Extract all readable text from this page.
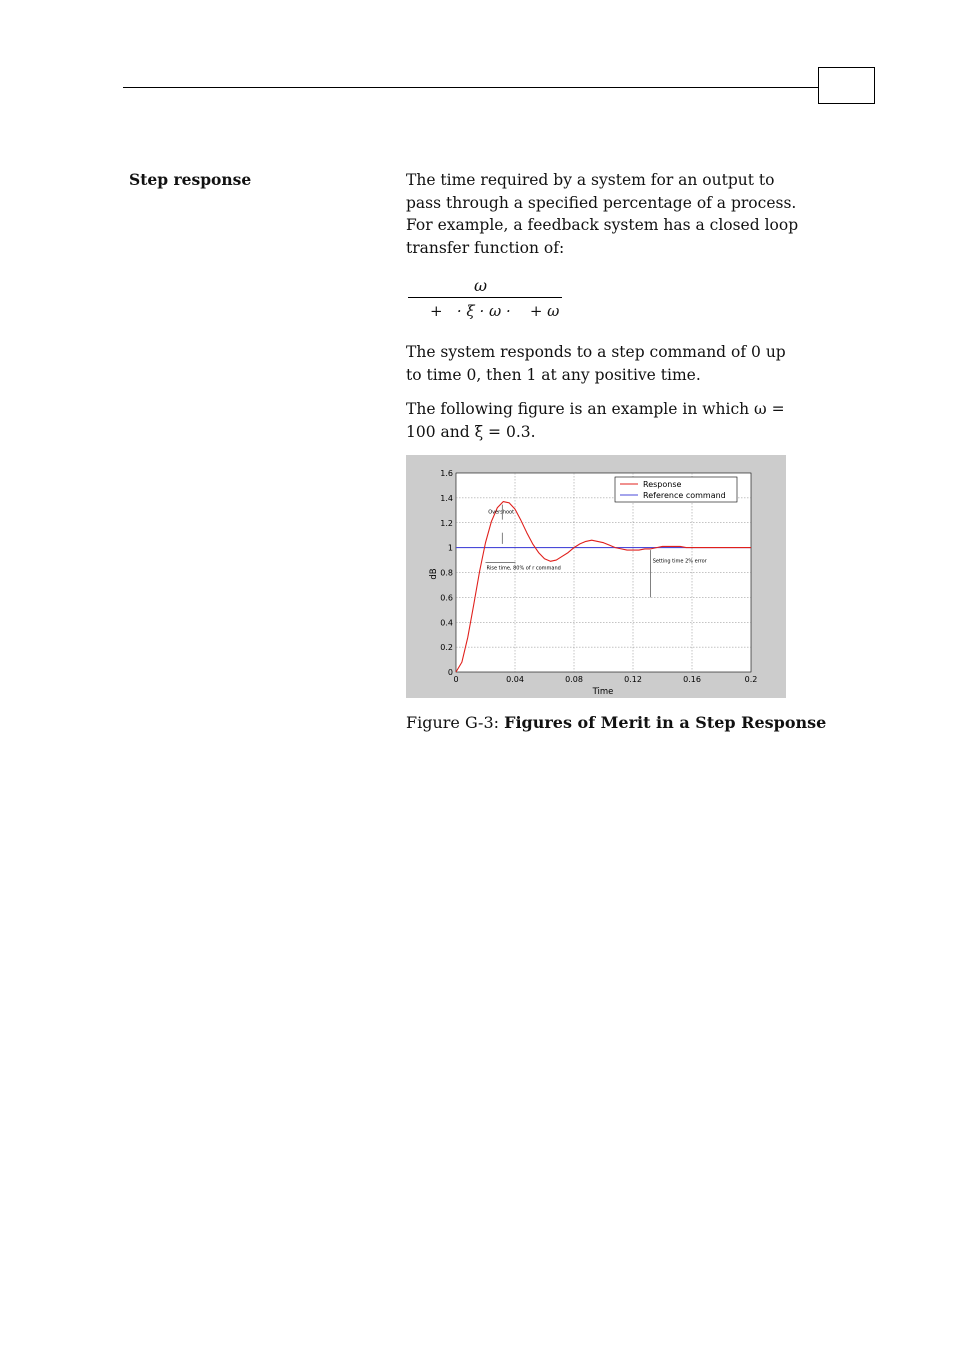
Step response	The time required by a system for an output to pass through a specified percentage of a process. For example, a feedback system has a closed loop transfer function of:
ω
+   · ξ · ω ·    + ω
The system responds to a step command of 0 up to time 0, then 1 at any positive time.
The following figure is an example in which ω = 100 and ξ = 0.3.
0	0.04	0.08	0.12	0.16	0.2
0
0.2
0.4
0.6
0.8
1
1.2
1.4
1.6
Overshoot
Rise time, 80% of r command
Setting time 2% error
Time
dB
Response
Reference command
Figure G-3: Figures of Merit in a Step Response
